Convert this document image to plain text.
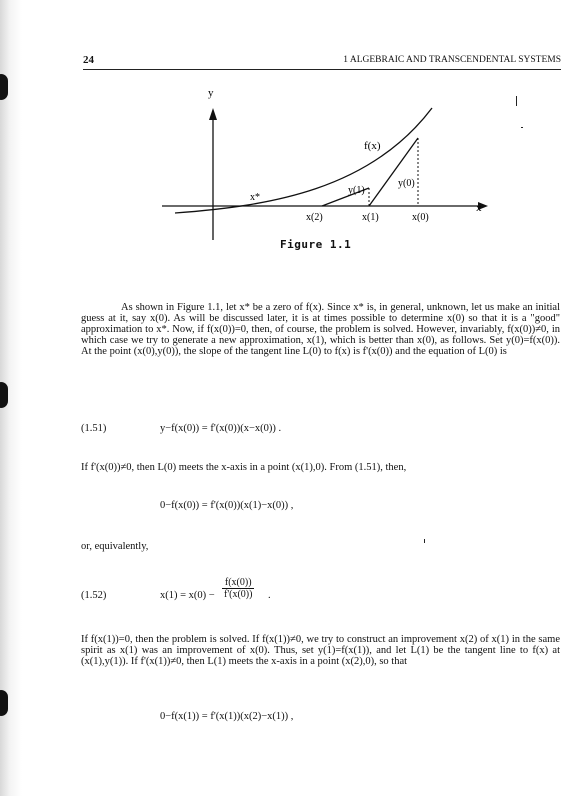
24	1 ALGEBRAIC AND TRANSCENDENTAL SYSTEMS
y
x
f(x)
x*
x(2)	x(1)	x(0)
y(1)
y(0)
Figure 1.1

As shown in Figure 1.1, let x* be a zero of f(x). Since x* is, in general, unknown, let us make an initial guess at it, say x(0). As will be discussed later, it is at times possible to determine x(0) so that it is a "good" approximation to x*. Now, if f(x(0))=0, then, of course, the problem is solved. However, invariably, f(x(0))≠0, in which case we try to generate a new approximation, x(1), which is better than x(0), as follows. Set y(0)=f(x(0)). At the point (x(0),y(0)), the slope of the tangent line L(0) to f(x) is f'(x(0)) and the equation of L(0) is

(1.51)	y−f(x(0)) = f'(x(0))(x−x(0)) .

If f'(x(0))≠0, then L(0) meets the x-axis in a point (x(1),0). From (1.51), then,

0−f(x(0)) = f'(x(0))(x(1)−x(0)) ,

or, equivalently,

(1.52)	$x(1) = x(0) - \frac{f(x(0))}{f'(x(0))}$ .

If f(x(1))=0, then the problem is solved. If f(x(1))≠0, we try to construct an improvement x(2) of x(1) in the same spirit as x(1) was an improvement of x(0). Thus, set y(1)=f(x(1)), and let L(1) be the tangent line to f(x) at (x(1),y(1)). If f'(x(1))≠0, then L(1) meets the x-axis in a point (x(2),0), so that

0−f(x(1)) = f'(x(1))(x(2)−x(1)) ,
